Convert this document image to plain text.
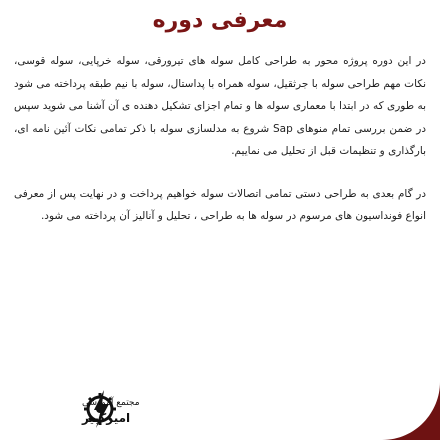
معرفی دوره

در این دوره پروژه محور به طراحی کامل سوله های تیرورقی، سوله خرپایی، سوله قوسی، نکات مهم طراحی سوله با جرثقیل، سوله همراه با پداستال، سوله با نیم طبقه پرداخته می شود به طوری که در ابتدا با معماری سوله ها و تمام اجزای تشکیل دهنده ی آن آشنا می شوید سپس در ضمن بررسی تمام منوهای Sap شروع به مدلسازی سوله با ذکر تمامی نکات آئین نامه ای، بارگذاری و تنظیمات قبل از تحلیل می نماییم.

در گام بعدی به طراحی دستی تمامی اتصالات سوله خواهیم پرداخت و در نهایت پس از معرفی انواع فونداسیون های مرسوم در سوله ها به طراحی ، تحلیل و آنالیز آن پرداخته می شود.

مجتمع آموزشی
امیرکبیر
